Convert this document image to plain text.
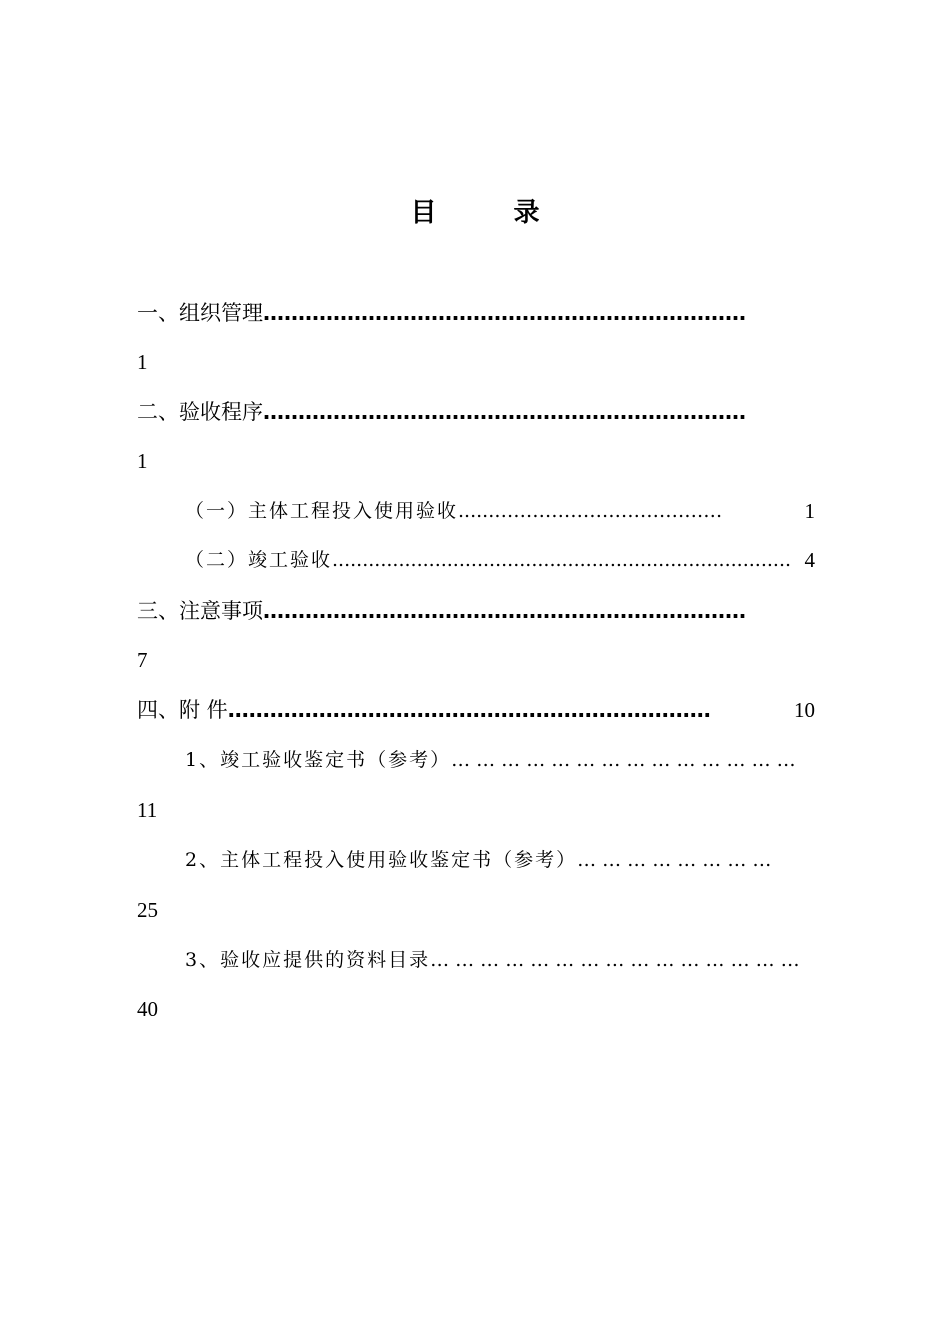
目 录
一、组织管理 ……………………………………………………………
1
二、验收程序 ……………………………………………………………
1
（一）主体工程投入使用验收 ......………………………………	1
（二）竣工验收 ............................................................................ 4
三、注意事项 ……………………………………………………………
7
四、附 件 ……………………………………………………………	10
1、竣工验收鉴定书（参考） … … … … … … … … … … … … … …
11
2、主体工程投入使用验收鉴定书（参考） … … … … … … … …
25
3、验收应提供的资料目录 … … … … … … … … … … … … … … …
40
